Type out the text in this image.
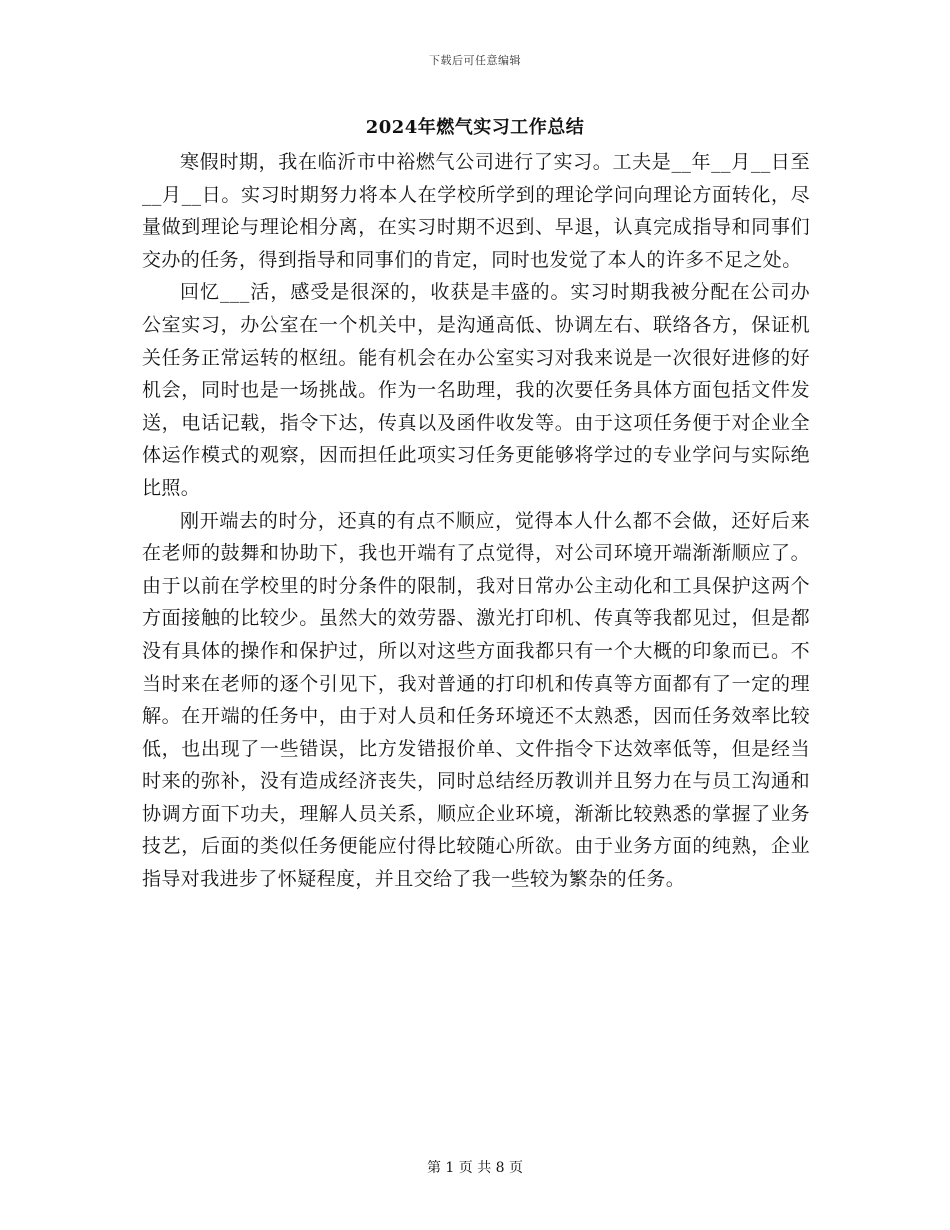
下载后可任意编辑
2024年燃气实习工作总结

寒假时期，我在临沂市中裕燃气公司进行了实习。工夫是__年__月__日至__月__日。实习时期努力将本人在学校所学到的理论学问向理论方面转化，尽量做到理论与理论相分离，在实习时期不迟到、早退，认真完成指导和同事们交办的任务，得到指导和同事们的肯定，同时也发觉了本人的许多不足之处。

回忆___活，感受是很深的，收获是丰盛的。实习时期我被分配在公司办公室实习，办公室在一个机关中，是沟通高低、协调左右、联络各方，保证机关任务正常运转的枢纽。能有机会在办公室实习对我来说是一次很好进修的好机会，同时也是一场挑战。作为一名助理，我的次要任务具体方面包括文件发送，电话记载，指令下达，传真以及函件收发等。由于这项任务便于对企业全体运作模式的观察，因而担任此项实习任务更能够将学过的专业学问与实际绝比照。

刚开端去的时分，还真的有点不顺应，觉得本人什么都不会做，还好后来在老师的鼓舞和协助下，我也开端有了点觉得，对公司环境开端渐渐顺应了。由于以前在学校里的时分条件的限制，我对日常办公主动化和工具保护这两个方面接触的比较少。虽然大的效劳器、激光打印机、传真等我都见过，但是都没有具体的操作和保护过，所以对这些方面我都只有一个大概的印象而已。不当时来在老师的逐个引见下，我对普通的打印机和传真等方面都有了一定的理解。在开端的任务中，由于对人员和任务环境还不太熟悉，因而任务效率比较低，也出现了一些错误，比方发错报价单、文件指令下达效率低等，但是经当时来的弥补，没有造成经济丧失，同时总结经历教训并且努力在与员工沟通和协调方面下功夫，理解人员关系，顺应企业环境，渐渐比较熟悉的掌握了业务技艺，后面的类似任务便能应付得比较随心所欲。由于业务方面的纯熟，企业指导对我进步了怀疑程度，并且交给了我一些较为繁杂的任务。

第 1 页 共 8 页
